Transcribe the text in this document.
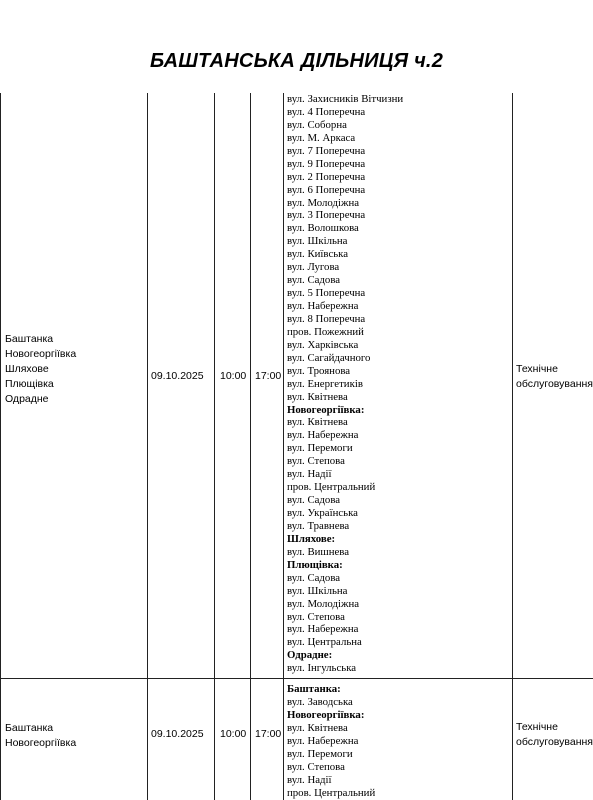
БАШТАНСЬКА ДІЛЬНИЦЯ ч.2
Баштанка
Новогеоргіївка
Шляхове
Плющівка
Одрадне
09.10.2025 10:00 17:00
вул. Захисників Вітчизни
вул. 4 Поперечна
вул. Соборна
вул. М. Аркаса
вул. 7 Поперечна
вул. 9 Поперечна
вул. 2 Поперечна
вул. 6 Поперечна
вул. Молодіжна
вул. 3 Поперечна
вул. Волошкова
вул. Шкільна
вул. Київська
вул. Лугова
вул. Садова
вул. 5 Поперечна
вул. Набережна
вул. 8 Поперечна
пров. Пожежний
вул. Харківська
вул. Сагайдачного
вул. Троянова
вул. Енергетиків
вул. Квітнева
Новогеоргіївка:
вул. Квітнева
вул. Набережна
вул. Перемоги
вул. Степова
вул. Надії
пров. Центральний
вул. Садова
вул. Українська
вул. Травнева
Шляхове:
вул. Вишнева
Плющівка:
вул. Садова
вул. Шкільна
вул. Молодіжна
вул. Степова
вул. Набережна
вул. Центральна
Одрадне:
вул. Інгульська
Технічне
обслуговування
Баштанка
Новогеоргіївка
09.10.2025 10:00 17:00
Баштанка:
вул. Заводська
Новогеоргіївка:
вул. Квітнева
вул. Набережна
вул. Перемоги
вул. Степова
вул. Надії
пров. Центральний
Технічне
обслуговування
